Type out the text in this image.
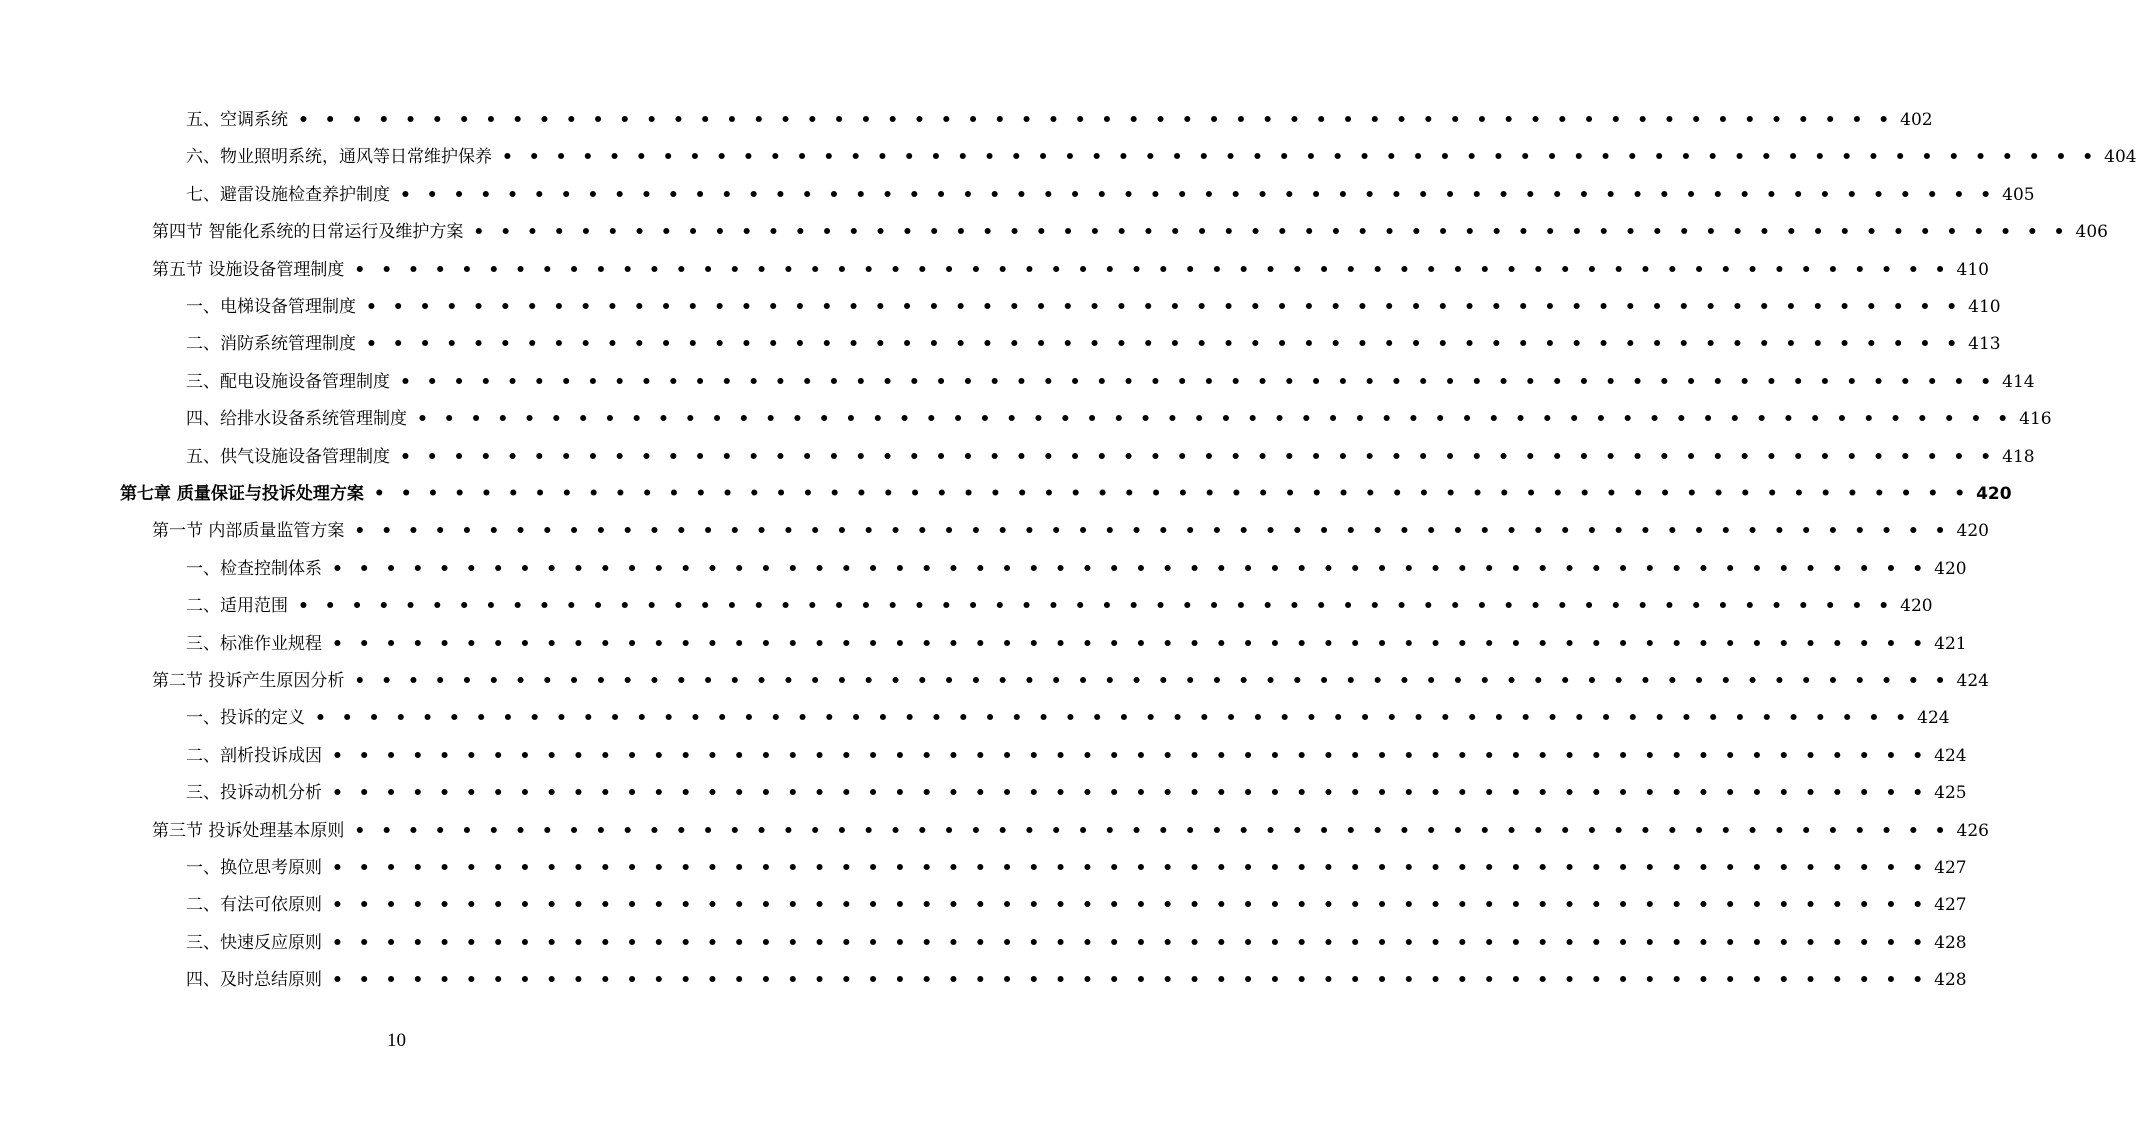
五、空调系统 • • • • • • • • • • • • • • • • • • • • • • • • • • • • • • • • • • • • • • • • • • • • • • • • • • • • • • • • • • • • 402
六、物业照明系统，通风等日常维护保养 • • • • • • • • • • • • • • • • • • • • • • • • • • • • • • • • • • • • • • • • • • • • • • • • • • • • • • • • • • • • 404
七、避雷设施检查养护制度 • • • • • • • • • • • • • • • • • • • • • • • • • • • • • • • • • • • • • • • • • • • • • • • • • • • • • • • • • • • • 405
第四节 智能化系统的日常运行及维护方案 • • • • • • • • • • • • • • • • • • • • • • • • • • • • • • • • • • • • • • • • • • • • • • • • • • • • • • • • • • • • 406
第五节 设施设备管理制度 • • • • • • • • • • • • • • • • • • • • • • • • • • • • • • • • • • • • • • • • • • • • • • • • • • • • • • • • • • • • 410
一、电梯设备管理制度 • • • • • • • • • • • • • • • • • • • • • • • • • • • • • • • • • • • • • • • • • • • • • • • • • • • • • • • • • • • • 410
二、消防系统管理制度 • • • • • • • • • • • • • • • • • • • • • • • • • • • • • • • • • • • • • • • • • • • • • • • • • • • • • • • • • • • • 413
三、配电设施设备管理制度 • • • • • • • • • • • • • • • • • • • • • • • • • • • • • • • • • • • • • • • • • • • • • • • • • • • • • • • • • • • • 414
四、给排水设备系统管理制度 • • • • • • • • • • • • • • • • • • • • • • • • • • • • • • • • • • • • • • • • • • • • • • • • • • • • • • • • • • • • 416
五、供气设施设备管理制度 • • • • • • • • • • • • • • • • • • • • • • • • • • • • • • • • • • • • • • • • • • • • • • • • • • • • • • • • • • • • 418
第七章 质量保证与投诉处理方案 • • • • • • • • • • • • • • • • • • • • • • • • • • • • • • • • • • • • • • • • • • • • • • • • • • • • • • • • • • • • 420
第一节 内部质量监管方案 • • • • • • • • • • • • • • • • • • • • • • • • • • • • • • • • • • • • • • • • • • • • • • • • • • • • • • • • • • • • 420
一、检查控制体系 • • • • • • • • • • • • • • • • • • • • • • • • • • • • • • • • • • • • • • • • • • • • • • • • • • • • • • • • • • • • 420
二、适用范围 • • • • • • • • • • • • • • • • • • • • • • • • • • • • • • • • • • • • • • • • • • • • • • • • • • • • • • • • • • • • 420
三、标准作业规程 • • • • • • • • • • • • • • • • • • • • • • • • • • • • • • • • • • • • • • • • • • • • • • • • • • • • • • • • • • • • 421
第二节 投诉产生原因分析 • • • • • • • • • • • • • • • • • • • • • • • • • • • • • • • • • • • • • • • • • • • • • • • • • • • • • • • • • • • • 424
一、投诉的定义 • • • • • • • • • • • • • • • • • • • • • • • • • • • • • • • • • • • • • • • • • • • • • • • • • • • • • • • • • • • • 424
二、剖析投诉成因 • • • • • • • • • • • • • • • • • • • • • • • • • • • • • • • • • • • • • • • • • • • • • • • • • • • • • • • • • • • • 424
三、投诉动机分析 • • • • • • • • • • • • • • • • • • • • • • • • • • • • • • • • • • • • • • • • • • • • • • • • • • • • • • • • • • • • 425
第三节 投诉处理基本原则 • • • • • • • • • • • • • • • • • • • • • • • • • • • • • • • • • • • • • • • • • • • • • • • • • • • • • • • • • • • • 426
一、换位思考原则 • • • • • • • • • • • • • • • • • • • • • • • • • • • • • • • • • • • • • • • • • • • • • • • • • • • • • • • • • • • • 427
二、有法可依原则 • • • • • • • • • • • • • • • • • • • • • • • • • • • • • • • • • • • • • • • • • • • • • • • • • • • • • • • • • • • • 427
三、快速反应原则 • • • • • • • • • • • • • • • • • • • • • • • • • • • • • • • • • • • • • • • • • • • • • • • • • • • • • • • • • • • • 428
四、及时总结原则 • • • • • • • • • • • • • • • • • • • • • • • • • • • • • • • • • • • • • • • • • • • • • • • • • • • • • • • • • • • • 428
10
